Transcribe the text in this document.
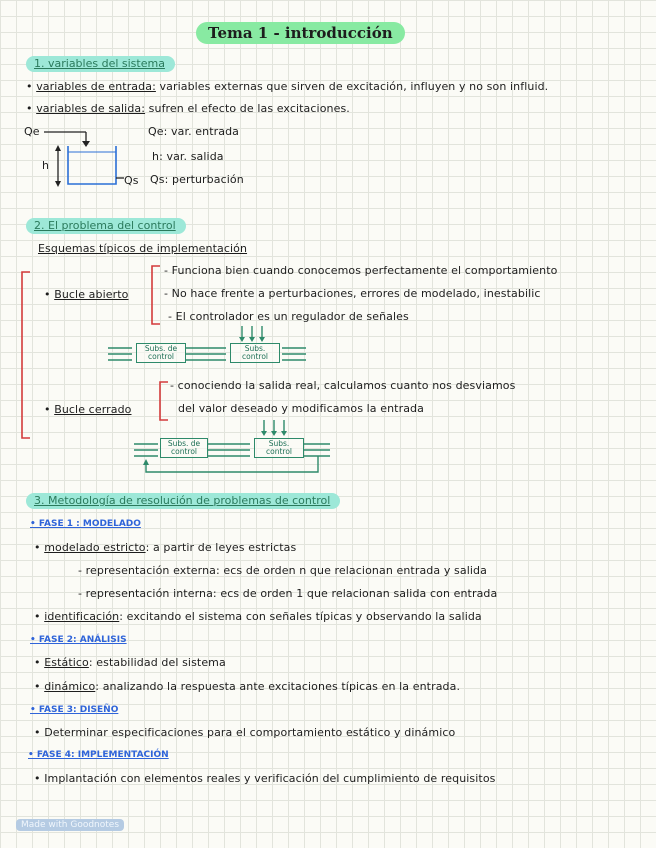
Tema 1 - introducción
1. variables del sistema
• variables de entrada: variables externas que sirven de excitación, influyen y no son influid.
• variables de salida: sufren el efecto de las excitaciones.
Qe
h
Qs
Qe: var. entrada
h: var. salida
Qs: perturbación
2. El problema del control
Esquemas típicos de implementación
• Bucle abierto
- Funciona bien cuando conocemos perfectamente el comportamiento
- No hace frente a perturbaciones, errores de modelado, inestabilic
- El controlador es un regulador de señales
Subs. de control
Subs. control
• Bucle cerrado
- conociendo la salida real, calculamos cuanto nos desviamos
del valor deseado y modificamos la entrada
Subs. de control
Subs. control
3. Metodología de resolución de problemas de control
• FASE 1 : MODELADO
• modelado estricto: a partir de leyes estrictas
- representación externa: ecs de orden n que relacionan entrada y salida
- representación interna: ecs de orden 1 que relacionan salida con entrada
• identificación: excitando el sistema con señales típicas y observando la salida
• FASE 2: ANÁLISIS
• Estático: estabilidad del sistema
• dinámico: analizando la respuesta ante excitaciones típicas en la entrada.
• FASE 3: DISEÑO
• Determinar especificaciones para el comportamiento estático y dinámico
• FASE 4: IMPLEMENTACIÓN
• Implantación con elementos reales y verificación del cumplimiento de requisitos
Made with Goodnotes
